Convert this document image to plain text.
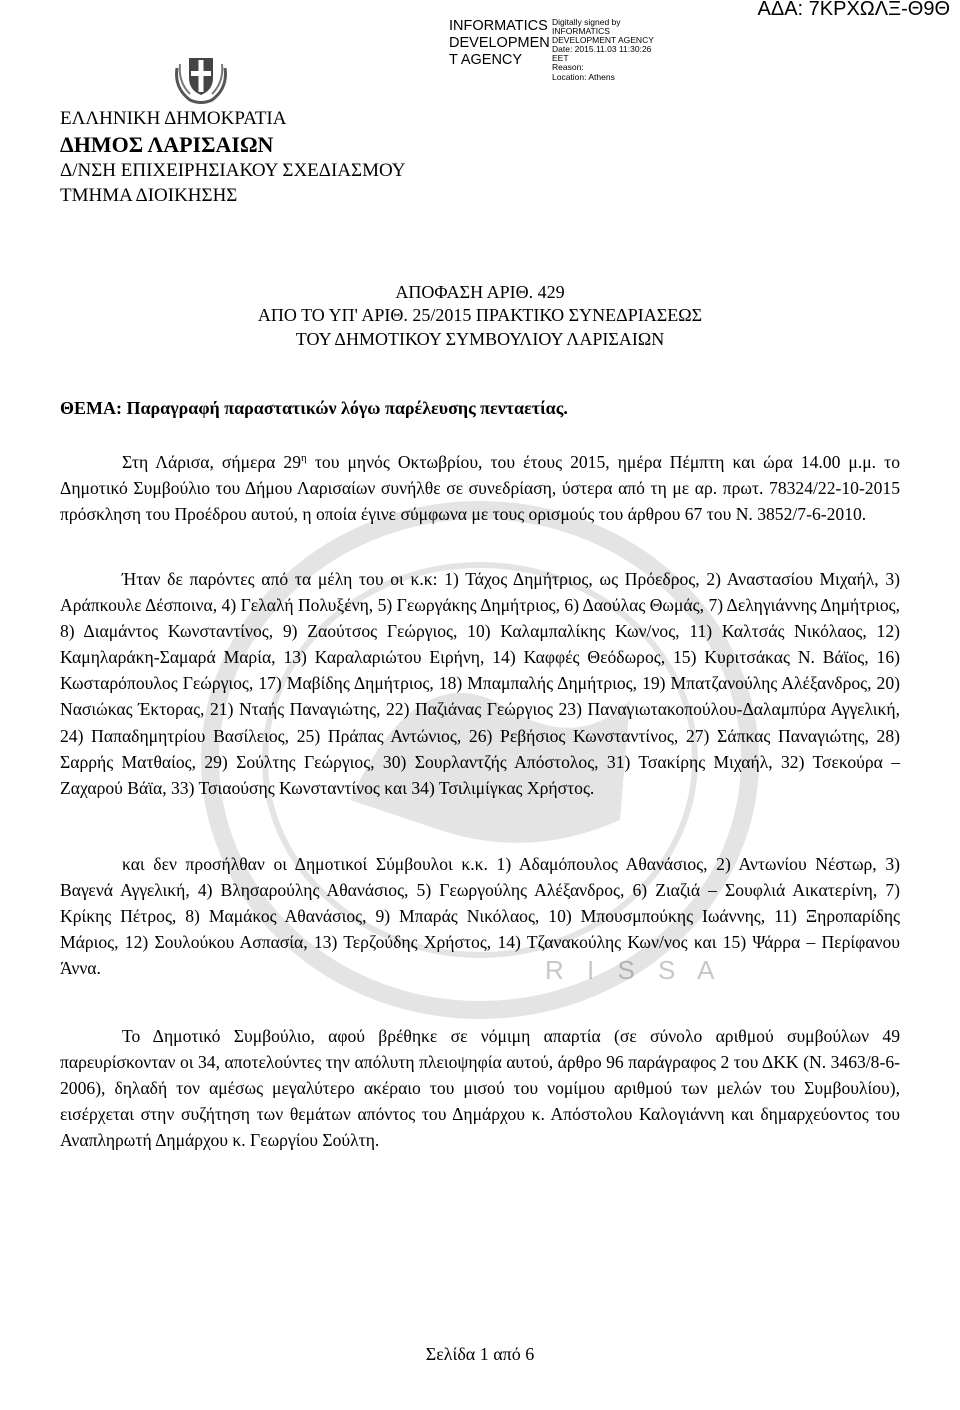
R I S S A
ΑΔΑ: 7ΚΡΧΩΛΞ-Θ9Θ
INFORMATICS
DEVELOPMEN
T AGENCY
Digitally signed by
INFORMATICS
DEVELOPMENT AGENCY
Date: 2015.11.03 11:30:26
EET
Reason:
Location: Athens
ΕΛΛΗΝΙΚΗ ΔΗΜΟΚΡΑΤΙΑ
ΔΗΜΟΣ ΛΑΡΙΣΑΙΩΝ
Δ/ΝΣΗ ΕΠΙΧΕΙΡΗΣΙΑΚΟΥ ΣΧΕΔΙΑΣΜΟΥ
ΤΜΗΜΑ ΔΙΟΙΚΗΣΗΣ
ΑΠΟΦΑΣΗ ΑΡΙΘ. 429
ΑΠΟ ΤΟ ΥΠ' ΑΡΙΘ. 25/2015 ΠΡΑΚΤΙΚΟ ΣΥΝΕΔΡΙΑΣΕΩΣ
ΤΟΥ ΔΗΜΟΤΙΚΟΥ ΣΥΜΒΟΥΛΙΟΥ ΛΑΡΙΣΑΙΩΝ
ΘΕΜΑ: Παραγραφή παραστατικών λόγω παρέλευσης πενταετίας.
Στη Λάρισα, σήμερα $29^\eta$ του μηνός Οκτωβρίου, του έτους 2015, ημέρα Πέμπτη και ώρα 14.00 μ.μ. το Δημοτικό Συμβούλιο του Δήμου Λαρισαίων συνήλθε σε συνεδρίαση, ύστερα από τη με αρ. πρωτ. 78324/22-10-2015 πρόσκληση του Προέδρου αυτού, η οποία έγινε σύμφωνα με τους ορισμούς του άρθρου 67 του Ν. 3852/7-6-2010.
Ήταν δε παρόντες από τα μέλη του οι κ.κ: 1) Τάχος Δημήτριος, ως Πρόεδρος, 2) Αναστασίου Μιχαήλ, 3) Αράπκουλε Δέσποινα, 4) Γελαλή Πολυξένη, 5) Γεωργάκης Δημήτριος, 6) Δαούλας Θωμάς, 7) Δεληγιάννης Δημήτριος, 8) Διαμάντος Κωνσταντίνος, 9) Ζαούτσος Γεώργιος, 10) Καλαμπαλίκης Κων/νος, 11) Καλτσάς Νικόλαος, 12) Καμηλαράκη-Σαμαρά Μαρία, 13) Καραλαριώτου Ειρήνη, 14) Καφφές Θεόδωρος, 15) Κυριτσάκας Ν. Βάϊος, 16) Κωσταρόπουλος Γεώργιος, 17) Μαβίδης Δημήτριος, 18) Μπαμπαλής Δημήτριος, 19) Μπατζανούλης Αλέξανδρος, 20) Νασιώκας Έκτορας, 21) Νταής Παναγιώτης, 22) Παζιάνας Γεώργιος 23) Παναγιωτακοπούλου-Δαλαμπύρα Αγγελική, 24) Παπαδημητρίου Βασίλειος, 25) Πράπας Αντώνιος, 26) Ρεβήσιος Κωνσταντίνος, 27) Σάπκας Παναγιώτης, 28) Σαρρής Ματθαίος, 29) Σούλτης Γεώργιος, 30) Σουρλαντζής Απόστολος, 31) Τσακίρης Μιχαήλ, 32) Τσεκούρα – Ζαχαρού Βάϊα, 33) Τσιαούσης Κωνσταντίνος και 34) Τσιλιμίγκας Χρήστος.
και δεν προσήλθαν οι Δημοτικοί Σύμβουλοι κ.κ. 1) Αδαμόπουλος Αθανάσιος, 2) Αντωνίου Νέστωρ, 3) Βαγενά Αγγελική, 4) Βλησαρούλης Αθανάσιος, 5) Γεωργούλης Αλέξανδρος, 6) Ζιαζιά – Σουφλιά Αικατερίνη, 7) Κρίκης Πέτρος, 8) Μαμάκος Αθανάσιος, 9) Μπαράς Νικόλαος, 10) Μπουσμπούκης Ιωάννης, 11) Ξηροπαρίδης Μάριος, 12) Σουλούκου Ασπασία, 13) Τερζούδης Χρήστος, 14) Τζανακούλης Κων/νος και 15) Ψάρρα – Περίφανου Άννα.
Το Δημοτικό Συμβούλιο, αφού βρέθηκε σε νόμιμη απαρτία (σε σύνολο αριθμού συμβούλων 49 παρευρίσκονταν οι 34, αποτελούντες την απόλυτη πλειοψηφία αυτού, άρθρο 96 παράγραφος 2 του ΔΚΚ (Ν. 3463/8-6-2006), δηλαδή τον αμέσως μεγαλύτερο ακέραιο του μισού του νομίμου αριθμού των μελών του Συμβουλίου), εισέρχεται στην συζήτηση των θεμάτων απόντος του Δημάρχου κ. Απόστολου Καλογιάννη και δημαρχεύοντος του Αναπληρωτή Δημάρχου κ. Γεωργίου Σούλτη.
Σελίδα 1 από 6
